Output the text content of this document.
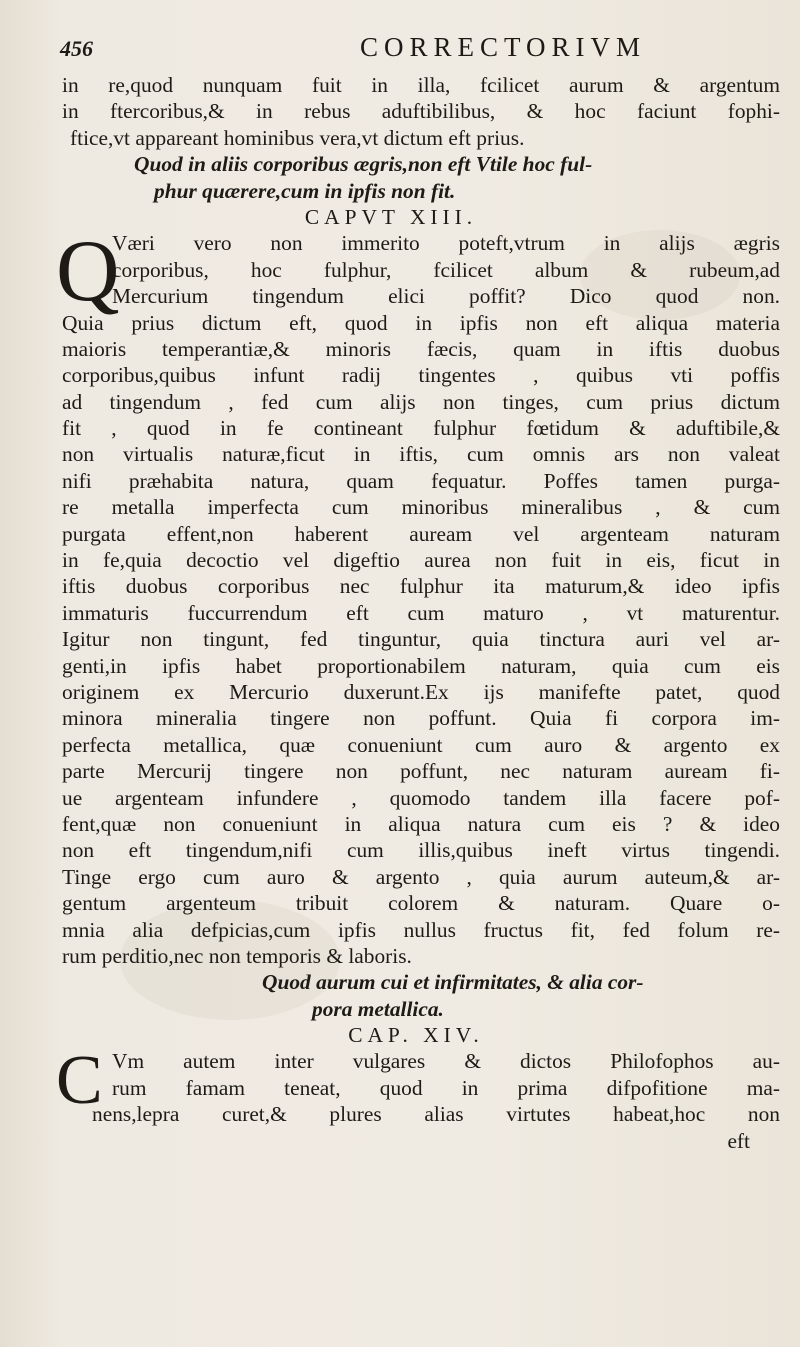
456	CORRECTORIVM
in re,quod nunquam fuit in illa, fcilicet aurum & argentum
in ftercoribus,& in rebus aduftibilibus, & hoc faciunt fophi-
ftice,vt appareant hominibus vera,vt dictum eft prius.
Quod in aliis corporibus ægris,non eft Vtile hoc ful-
phur quærere,cum in ipfis non fit.
CAPVT XIII.
Q
Væri vero non immerito poteft,vtrum in alijs ægris
corporibus, hoc fulphur, fcilicet album & rubeum,ad
Mercurium tingendum elici poffit? Dico quod non.
Quia prius dictum eft, quod in ipfis non eft aliqua materia
maioris temperantiæ,& minoris fæcis, quam in iftis duobus
corporibus,quibus infunt radij tingentes , quibus vti poffis
ad tingendum , fed cum alijs non tinges, cum prius dictum
fit , quod in fe contineant fulphur fœtidum & aduftibile,&
non virtualis naturæ,ficut in iftis, cum omnis ars non valeat
nifi præhabita natura, quam fequatur. Poffes tamen purga-
re metalla imperfecta cum minoribus mineralibus , & cum
purgata effent,non haberent auream vel argenteam naturam
in fe,quia decoctio vel digeftio aurea non fuit in eis, ficut in
iftis duobus corporibus nec fulphur ita maturum,& ideo ipfis
immaturis fuccurrendum eft cum maturo , vt maturentur.
Igitur non tingunt, fed tinguntur, quia tinctura auri vel ar-
genti,in ipfis habet proportionabilem naturam, quia cum eis
originem ex Mercurio duxerunt.Ex ijs manifefte patet, quod
minora mineralia tingere non poffunt. Quia fi corpora im-
perfecta metallica, quæ conueniunt cum auro & argento ex
parte Mercurij tingere non poffunt, nec naturam auream fi-
ue argenteam infundere , quomodo tandem illa facere pof-
fent,quæ non conueniunt in aliqua natura cum eis ? & ideo
non eft tingendum,nifi cum illis,quibus ineft virtus tingendi.
Tinge ergo cum auro & argento , quia aurum auteum,& ar-
gentum argenteum tribuit colorem & naturam. Quare o-
mnia alia defpicias,cum ipfis nullus fructus fit, fed folum re-
rum perditio,nec non temporis & laboris.
Quod aurum cui et infirmitates, & alia cor-
pora metallica.
CAP. XIV.
C Vm autem inter vulgares & dictos Philofophos au-
rum famam teneat, quod in prima difpofitione ma-
nens,lepra curet,& plures alias virtutes habeat,hoc non
eft
